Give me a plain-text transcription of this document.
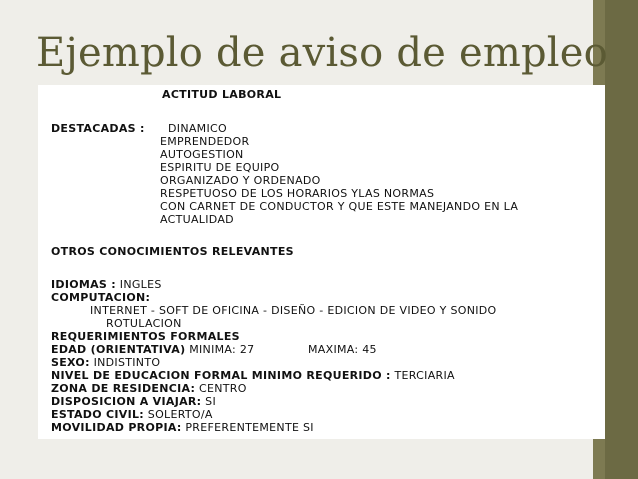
Ejemplo de aviso de empleo
ACTITUD LABORAL
DESTACADAS : DINAMICO
EMPRENDEDOR
AUTOGESTION
ESPIRITU DE EQUIPO
ORGANIZADO Y ORDENADO
RESPETUOSO DE LOS HORARIOS YLAS NORMAS
CON CARNET DE CONDUCTOR Y QUE ESTE MANEJANDO EN LA
ACTUALIDAD
OTROS CONOCIMIENTOS RELEVANTES
IDIOMAS : INGLES
COMPUTACION:
INTERNET - SOFT DE OFICINA - DISEÑO - EDICION DE VIDEO Y SONIDO
ROTULACION
REQUERIMIENTOS FORMALES
EDAD (ORIENTATIVA) MINIMA: 27	MAXIMA: 45
SEXO: INDISTINTO
NIVEL DE EDUCACION FORMAL MINIMO REQUERIDO : TERCIARIA
ZONA DE RESIDENCIA: CENTRO
DISPOSICION A VIAJAR: SI
ESTADO CIVIL: SOLERTO/A
MOVILIDAD PROPIA: PREFERENTEMENTE SI
